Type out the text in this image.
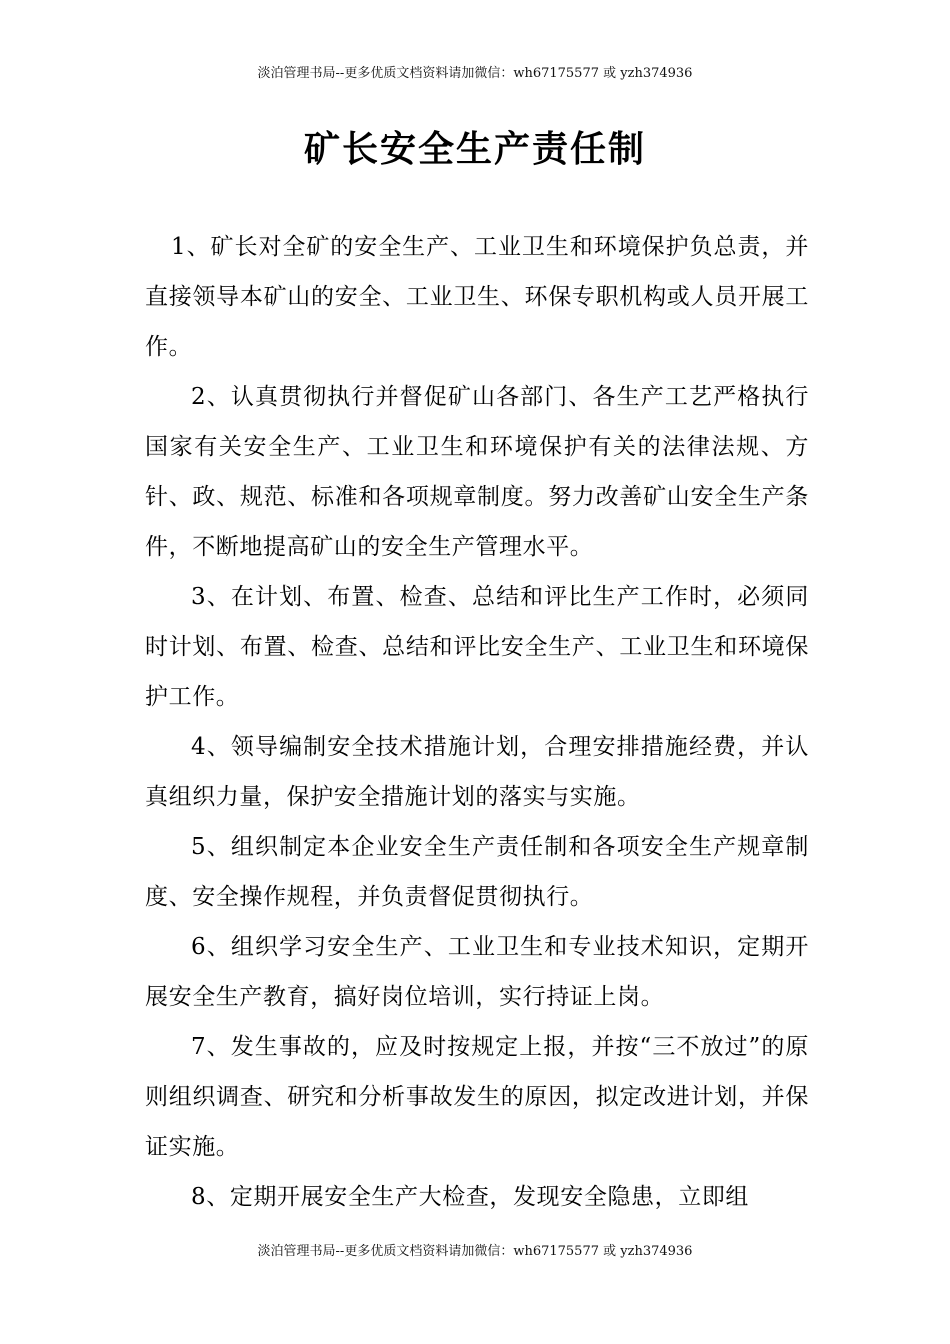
淡泊管理书局--更多优质文档资料请加微信：wh67175577 或 yzh374936
矿长安全生产责任制

1、矿长对全矿的安全生产、工业卫生和环境保护负总责，并直接领导本矿山的安全、工业卫生、环保专职机构或人员开展工作。

2、认真贯彻执行并督促矿山各部门、各生产工艺严格执行国家有关安全生产、工业卫生和环境保护有关的法律法规、方针、政、规范、标准和各项规章制度。努力改善矿山安全生产条件，不断地提高矿山的安全生产管理水平。

3、在计划、布置、检查、总结和评比生产工作时，必须同时计划、布置、检查、总结和评比安全生产、工业卫生和环境保护工作。

4、领导编制安全技术措施计划，合理安排措施经费，并认真组织力量，保护安全措施计划的落实与实施。

5、组织制定本企业安全生产责任制和各项安全生产规章制度、安全操作规程，并负责督促贯彻执行。

6、组织学习安全生产、工业卫生和专业技术知识，定期开展安全生产教育，搞好岗位培训，实行持证上岗。

7、发生事故的，应及时按规定上报，并按“三不放过”的原则组织调查、研究和分析事故发生的原因，拟定改进计划，并保证实施。

8、定期开展安全生产大检查，发现安全隐患，立即组

淡泊管理书局--更多优质文档资料请加微信：wh67175577 或 yzh374936
